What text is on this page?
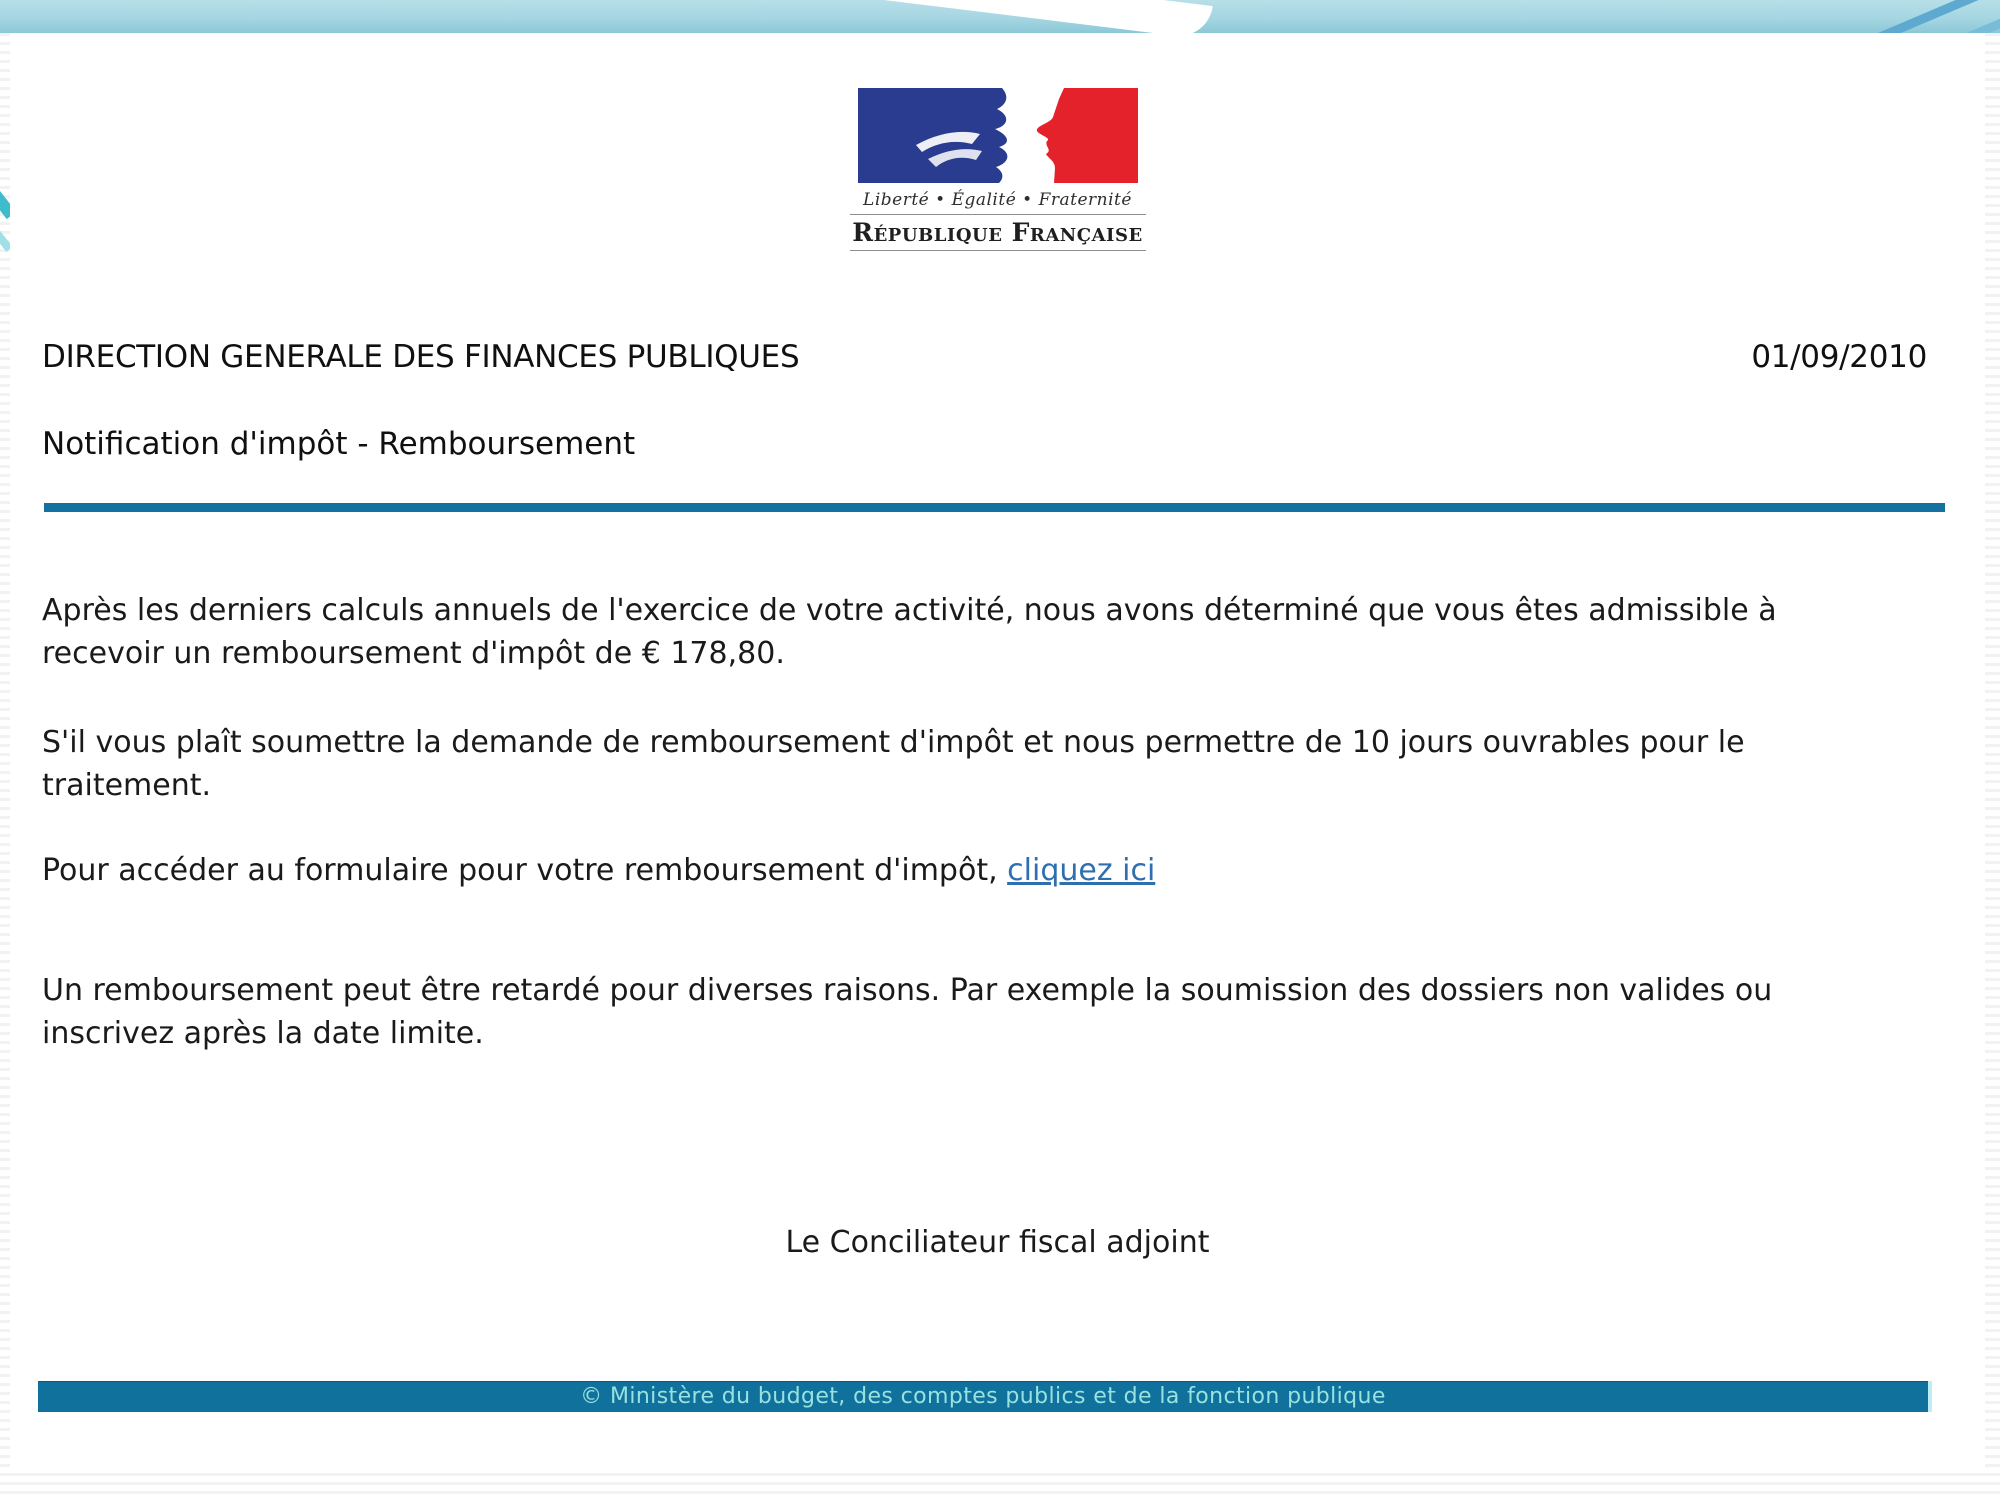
Liberté • Égalité • Fraternité
République Française
DIRECTION GENERALE DES FINANCES PUBLIQUES	01/09/2010
Notification d'impôt - Remboursement
Après les derniers calculs annuels de l'exercice de votre activité, nous avons déterminé que vous êtes admissible à
recevoir un remboursement d'impôt de € 178,80.
S'il vous plaît soumettre la demande de remboursement d'impôt et nous permettre de 10 jours ouvrables pour le
traitement.
Pour accéder au formulaire pour votre remboursement d'impôt, cliquez ici
Un remboursement peut être retardé pour diverses raisons. Par exemple la soumission des dossiers non valides ou
inscrivez après la date limite.
Le Conciliateur fiscal adjoint
© Ministère du budget, des comptes publics et de la fonction publique
